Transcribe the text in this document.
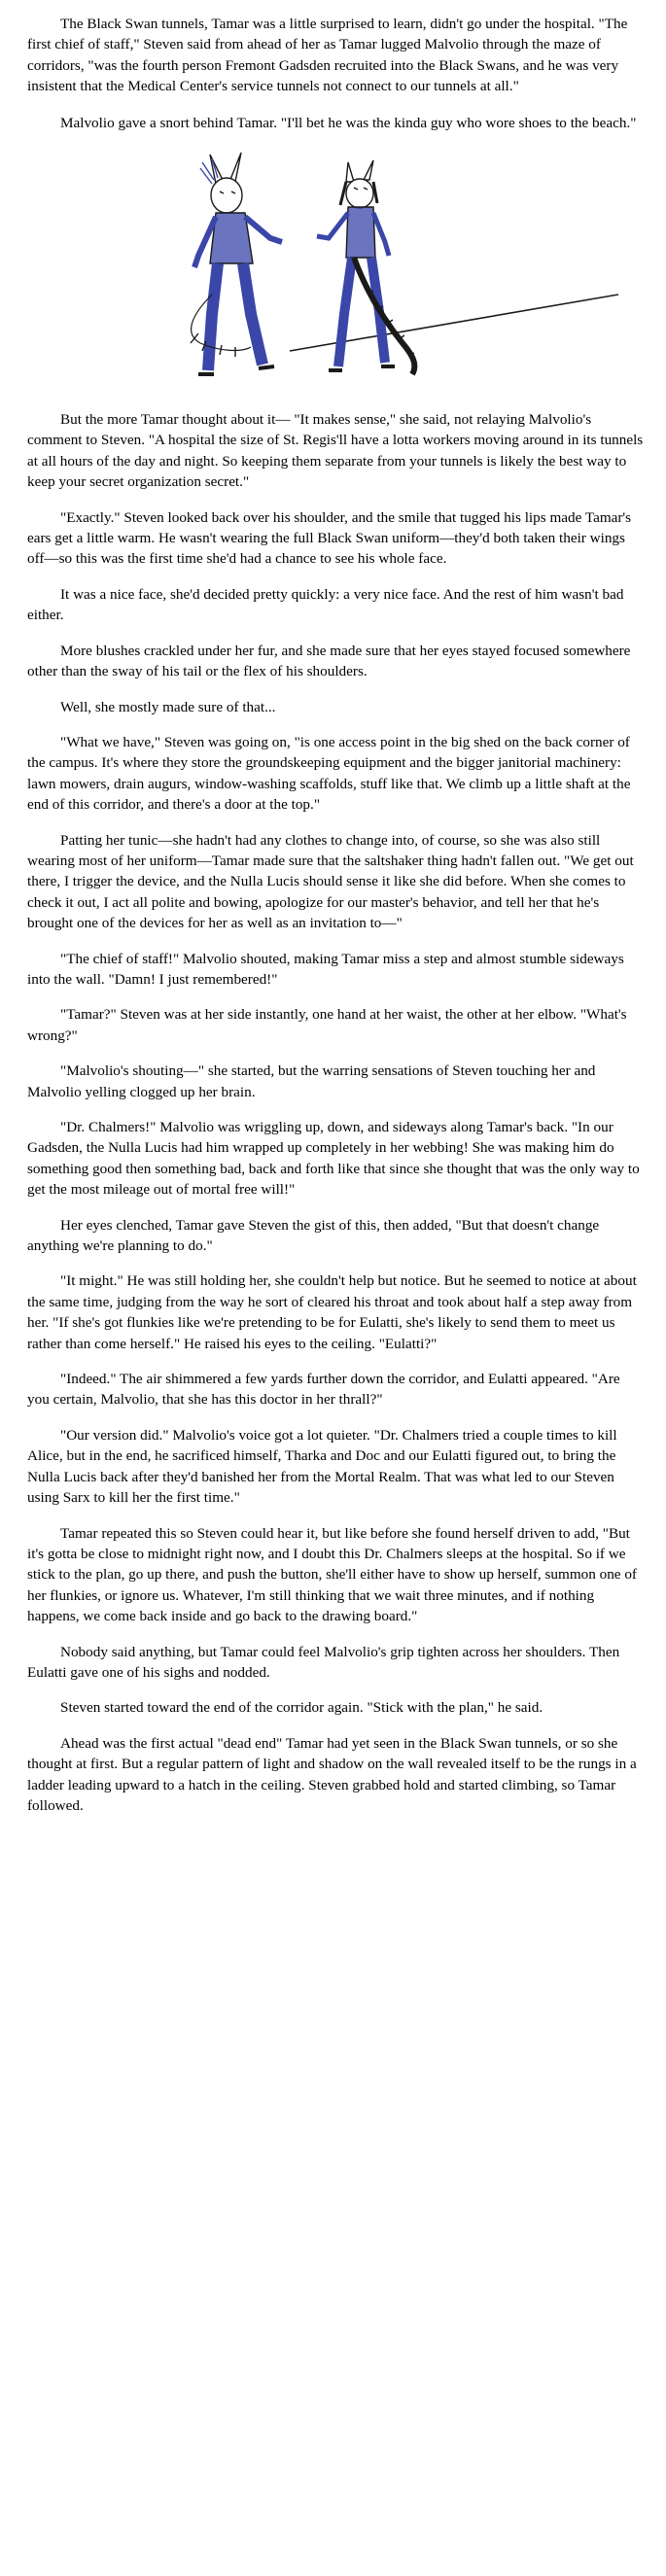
The Black Swan tunnels, Tamar was a little surprised to learn, didn't go under the hospital. "The first chief of staff," Steven said from ahead of her as Tamar lugged Malvolio through the maze of corridors, "was the fourth person Fremont Gadsden recruited into the Black Swans, and he was very insistent that the Medical Center's service tunnels not connect to our tunnels at all."

Malvolio gave a snort behind Tamar. "I'll bet he was the kinda guy who wore shoes to the beach."

But the more Tamar thought about it— "It makes sense," she said, not relaying Malvolio's comment to Steven. "A hospital the size of St. Regis'll have a lotta workers moving around in its tunnels at all hours of the day and night. So keeping them separate from your tunnels is likely the best way to keep your secret organization secret."

"Exactly." Steven looked back over his shoulder, and the smile that tugged his lips made Tamar's ears get a little warm. He wasn't wearing the full Black Swan uniform—they'd both taken their wings off—so this was the first time she'd had a chance to see his whole face.

It was a nice face, she'd decided pretty quickly: a very nice face. And the rest of him wasn't bad either.

More blushes crackled under her fur, and she made sure that her eyes stayed focused somewhere other than the sway of his tail or the flex of his shoulders.

Well, she mostly made sure of that...

"What we have," Steven was going on, "is one access point in the big shed on the back corner of the campus. It's where they store the groundskeeping equipment and the bigger janitorial machinery: lawn mowers, drain augurs, window-washing scaffolds, stuff like that. We climb up a little shaft at the end of this corridor, and there's a door at the top."

Patting her tunic—she hadn't had any clothes to change into, of course, so she was also still wearing most of her uniform—Tamar made sure that the saltshaker thing hadn't fallen out. "We get out there, I trigger the device, and the Nulla Lucis should sense it like she did before. When she comes to check it out, I act all polite and bowing, apologize for our master's behavior, and tell her that he's brought one of the devices for her as well as an invitation to—"

"The chief of staff!" Malvolio shouted, making Tamar miss a step and almost stumble sideways into the wall. "Damn! I just remembered!"

"Tamar?" Steven was at her side instantly, one hand at her waist, the other at her elbow. "What's wrong?"

"Malvolio's shouting—" she started, but the warring sensations of Steven touching her and Malvolio yelling clogged up her brain.

"Dr. Chalmers!" Malvolio was wriggling up, down, and sideways along Tamar's back. "In our Gadsden, the Nulla Lucis had him wrapped up completely in her webbing! She was making him do something good then something bad, back and forth like that since she thought that was the only way to get the most mileage out of mortal free will!"

Her eyes clenched, Tamar gave Steven the gist of this, then added, "But that doesn't change anything we're planning to do."

"It might." He was still holding her, she couldn't help but notice. But he seemed to notice at about the same time, judging from the way he sort of cleared his throat and took about half a step away from her. "If she's got flunkies like we're pretending to be for Eulatti, she's likely to send them to meet us rather than come herself." He raised his eyes to the ceiling. "Eulatti?"

"Indeed." The air shimmered a few yards further down the corridor, and Eulatti appeared. "Are you certain, Malvolio, that she has this doctor in her thrall?"

"Our version did." Malvolio's voice got a lot quieter. "Dr. Chalmers tried a couple times to kill Alice, but in the end, he sacrificed himself, Tharka and Doc and our Eulatti figured out, to bring the Nulla Lucis back after they'd banished her from the Mortal Realm. That was what led to our Steven using Sarx to kill her the first time."

Tamar repeated this so Steven could hear it, but like before she found herself driven to add, "But it's gotta be close to midnight right now, and I doubt this Dr. Chalmers sleeps at the hospital. So if we stick to the plan, go up there, and push the button, she'll either have to show up herself, summon one of her flunkies, or ignore us. Whatever, I'm still thinking that we wait three minutes, and if nothing happens, we come back inside and go back to the drawing board."

Nobody said anything, but Tamar could feel Malvolio's grip tighten across her shoulders. Then Eulatti gave one of his sighs and nodded.

Steven started toward the end of the corridor again. "Stick with the plan," he said.

Ahead was the first actual "dead end" Tamar had yet seen in the Black Swan tunnels, or so she thought at first. But a regular pattern of light and shadow on the wall revealed itself to be the rungs in a ladder leading upward to a hatch in the ceiling. Steven grabbed hold and started climbing, so Tamar followed.
